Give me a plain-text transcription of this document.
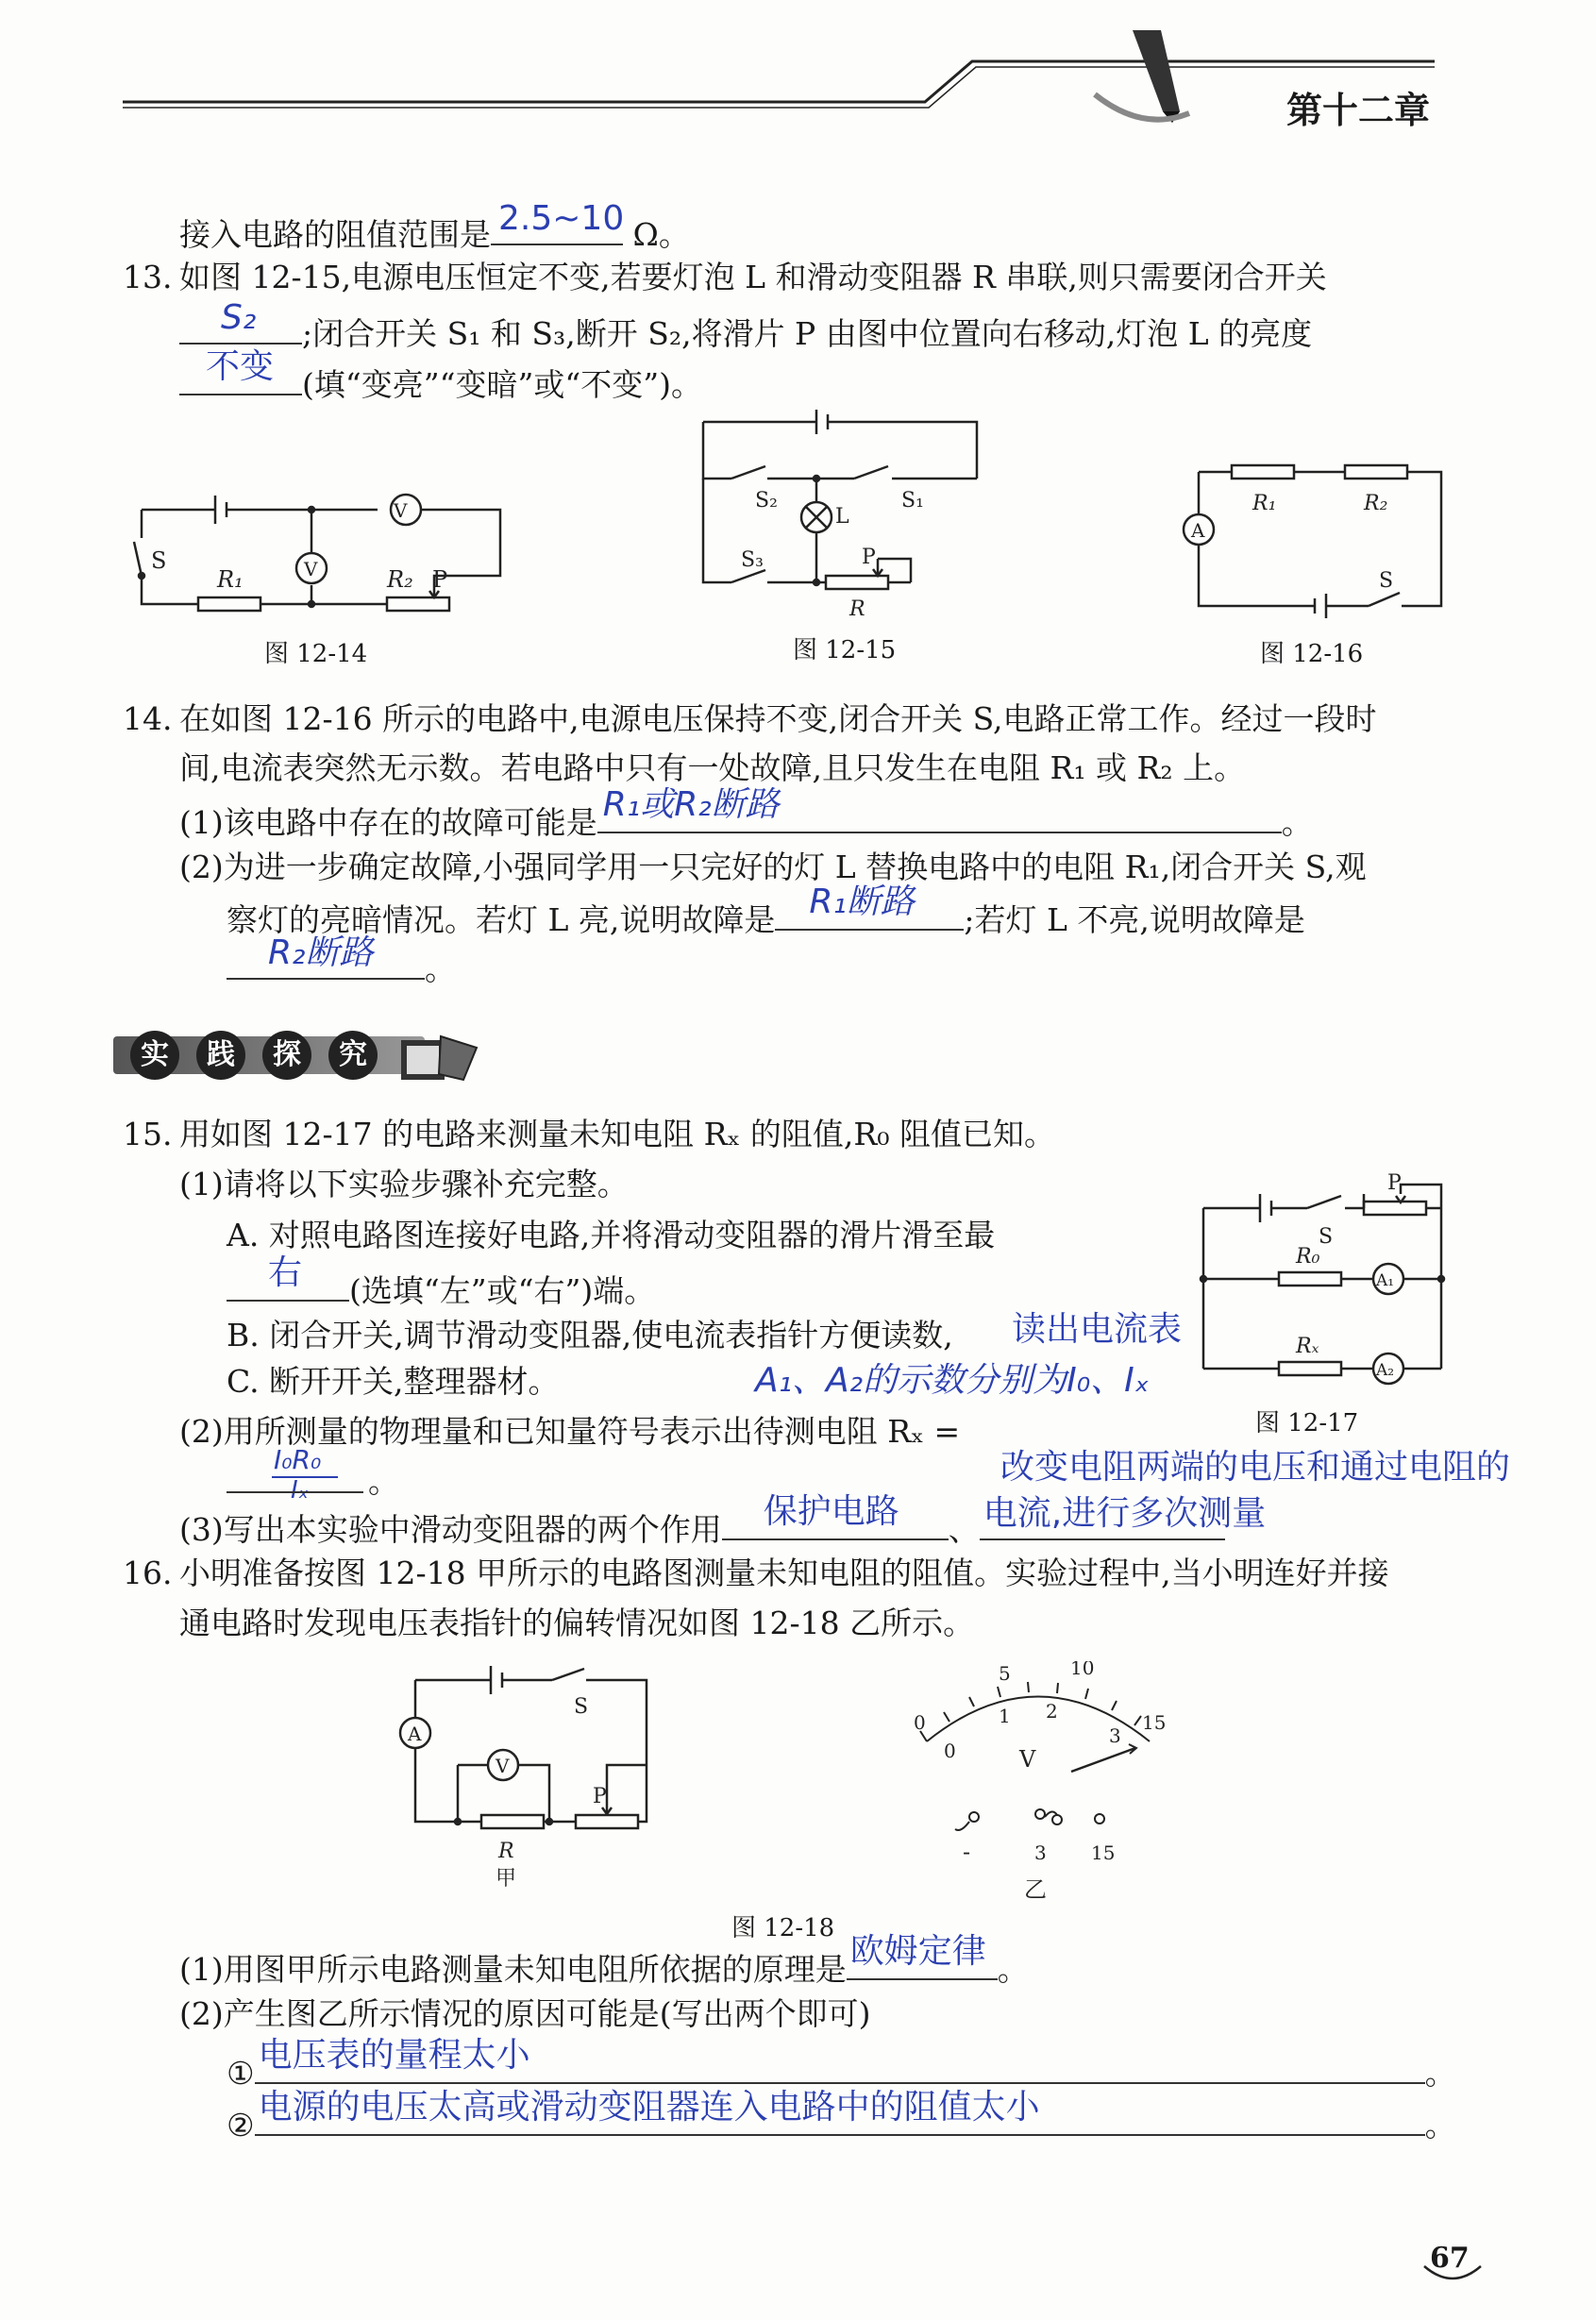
第十二章
接入电路的阻值范围是 2.5~10 Ω。
13. 如图 12-15,电源电压恒定不变,若要灯泡 L 和滑动变阻器 R 串联,则只需要闭合开关
S₂ ;闭合开关 S₁ 和 S₃,断开 S₂,将滑片 P 由图中位置向右移动,灯泡 L 的亮度
不变 (填“变亮”“变暗”或“不变”)。
V
V
S
R₁	R₂ P
图 12-14
S₂	S₁
L
S₃	P
R
图 12-15
R₁	R₂
A
S
图 12-16
14. 在如图 12-16 所示的电路中,电源电压保持不变,闭合开关 S,电路正常工作。经过一段时
间,电流表突然无示数。若电路中只有一处故障,且只发生在电阻 R₁ 或 R₂ 上。
(1)该电路中存在的故障可能是 R₁或R₂断路	。
(2)为进一步确定故障,小强同学用一只完好的灯 L 替换电路中的电阻 R₁,闭合开关 S,观
察灯的亮暗情况。若灯 L 亮,说明故障是 R₁断路 ;若灯 L 不亮,说明故障是
R₂断路 。
实	践	探	究
15. 用如图 12-17 的电路来测量未知电阻 Rₓ 的阻值,R₀ 阻值已知。
(1)请将以下实验步骤补充完整。
A. 对照电路图连接好电路,并将滑动变阻器的滑片滑至最
右 (选填“左”或“右”)端。
B. 闭合开关,调节滑动变阻器,使电流表指针方便读数, 读出电流表
C. 断开开关,整理器材。	A₁、A₂的示数分别为I₀、Iₓ
(2)用所测量的物理量和已知量符号表示出待测电阻 Rₓ =
I₀R₀
Iₓ 。	改变电阻两端的电压和通过电阻的
(3)写出本实验中滑动变阻器的两个作用 保护电路 、 电流,进行多次测量
S
P
R₀
Rₓ
A₁
A₂
图 12-17
16. 小明准备按图 12-18 甲所示的电路图测量未知电阻的阻值。实验过程中,当小明连好并接
通电路时发现电压表指针的偏转情况如图 12-18 乙所示。
S
A
V
P
R
甲
5	10
15
0
0
1 2
3
V
-	3 15
乙
图 12-18
(1)用图甲所示电路测量未知电阻所依据的原理是 欧姆定律 。
(2)产生图乙所示情况的原因可能是(写出两个即可)
① 电压表的量程太小	。
② 电源的电压太高或滑动变阻器连入电路中的阻值太小	。
67
